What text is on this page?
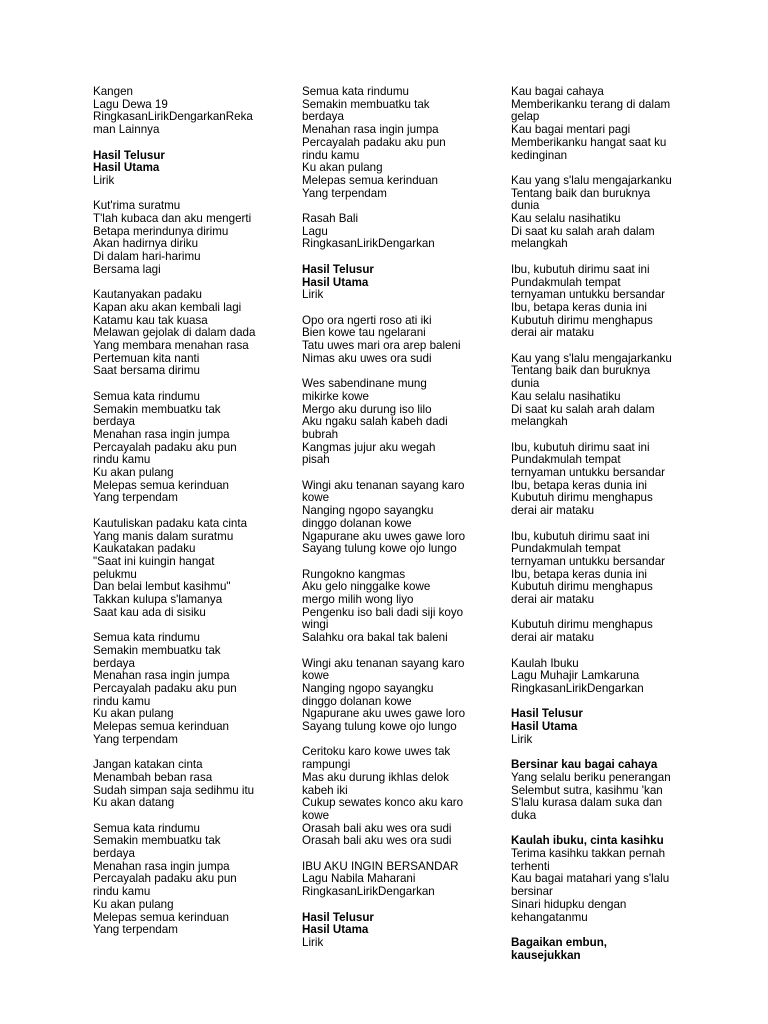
Kangen
Lagu Dewa 19
RingkasanLirikDengarkanReka
man Lainnya
Hasil Telusur
Hasil Utama
Lirik
Kut'rima suratmu
T'lah kubaca dan aku mengerti
Betapa merindunya dirimu
Akan hadirnya diriku
Di dalam hari-harimu
Bersama lagi
Kautanyakan padaku
Kapan aku akan kembali lagi
Katamu kau tak kuasa
Melawan gejolak di dalam dada
Yang membara menahan rasa
Pertemuan kita nanti
Saat bersama dirimu
Semua kata rindumu
Semakin membuatku tak
berdaya
Menahan rasa ingin jumpa
Percayalah padaku aku pun
rindu kamu
Ku akan pulang
Melepas semua kerinduan
Yang terpendam
Kautuliskan padaku kata cinta
Yang manis dalam suratmu
Kaukatakan padaku
"Saat ini kuingin hangat
pelukmu
Dan belai lembut kasihmu"
Takkan kulupa s'lamanya
Saat kau ada di sisiku
Semua kata rindumu
Semakin membuatku tak
berdaya
Menahan rasa ingin jumpa
Percayalah padaku aku pun
rindu kamu
Ku akan pulang
Melepas semua kerinduan
Yang terpendam
Jangan katakan cinta
Menambah beban rasa
Sudah simpan saja sedihmu itu
Ku akan datang
Semua kata rindumu
Semakin membuatku tak
berdaya
Menahan rasa ingin jumpa
Percayalah padaku aku pun
rindu kamu
Ku akan pulang
Melepas semua kerinduan
Yang terpendam
Semua kata rindumu
Semakin membuatku tak
berdaya
Menahan rasa ingin jumpa
Percayalah padaku aku pun
rindu kamu
Ku akan pulang
Melepas semua kerinduan
Yang terpendam
Rasah Bali
Lagu
RingkasanLirikDengarkan
Hasil Telusur
Hasil Utama
Lirik
Opo ora ngerti roso ati iki
Bien kowe tau ngelarani
Tatu uwes mari ora arep baleni
Nimas aku uwes ora sudi
Wes sabendinane mung
mikirke kowe
Mergo aku durung iso lilo
Aku ngaku salah kabeh dadi
bubrah
Kangmas jujur aku wegah
pisah
Wingi aku tenanan sayang karo
kowe
Nanging ngopo sayangku
dinggo dolanan kowe
Ngapurane aku uwes gawe loro
Sayang tulung kowe ojo lungo
Rungokno kangmas
Aku gelo ninggalke kowe
mergo milih wong liyo
Pengenku iso bali dadi siji koyo
wingi
Salahku ora bakal tak baleni
Wingi aku tenanan sayang karo
kowe
Nanging ngopo sayangku
dinggo dolanan kowe
Ngapurane aku uwes gawe loro
Sayang tulung kowe ojo lungo
Ceritoku karo kowe uwes tak
rampungi
Mas aku durung ikhlas delok
kabeh iki
Cukup sewates konco aku karo
kowe
Orasah bali aku wes ora sudi
Orasah bali aku wes ora sudi
IBU AKU INGIN BERSANDAR
Lagu Nabila Maharani
RingkasanLirikDengarkan
Hasil Telusur
Hasil Utama
Lirik
Kau bagai cahaya
Memberikanku terang di dalam
gelap
Kau bagai mentari pagi
Memberikanku hangat saat ku
kedinginan
Kau yang s'lalu mengajarkanku
Tentang baik dan buruknya
dunia
Kau selalu nasihatiku
Di saat ku salah arah dalam
melangkah
Ibu, kubutuh dirimu saat ini
Pundakmulah tempat
ternyaman untukku bersandar
Ibu, betapa keras dunia ini
Kubutuh dirimu menghapus
derai air mataku
Kau yang s'lalu mengajarkanku
Tentang baik dan buruknya
dunia
Kau selalu nasihatiku
Di saat ku salah arah dalam
melangkah
Ibu, kubutuh dirimu saat ini
Pundakmulah tempat
ternyaman untukku bersandar
Ibu, betapa keras dunia ini
Kubutuh dirimu menghapus
derai air mataku
Ibu, kubutuh dirimu saat ini
Pundakmulah tempat
ternyaman untukku bersandar
Ibu, betapa keras dunia ini
Kubutuh dirimu menghapus
derai air mataku
Kubutuh dirimu menghapus
derai air mataku
Kaulah Ibuku
Lagu Muhajir Lamkaruna
RingkasanLirikDengarkan
Hasil Telusur
Hasil Utama
Lirik
Bersinar kau bagai cahaya
Yang selalu beriku penerangan
Selembut sutra, kasihmu 'kan
S'lalu kurasa dalam suka dan
duka
Kaulah ibuku, cinta kasihku
Terima kasihku takkan pernah
terhenti
Kau bagai matahari yang s'lalu
bersinar
Sinari hidupku dengan
kehangatanmu
Bagaikan embun,
kausejukkan
